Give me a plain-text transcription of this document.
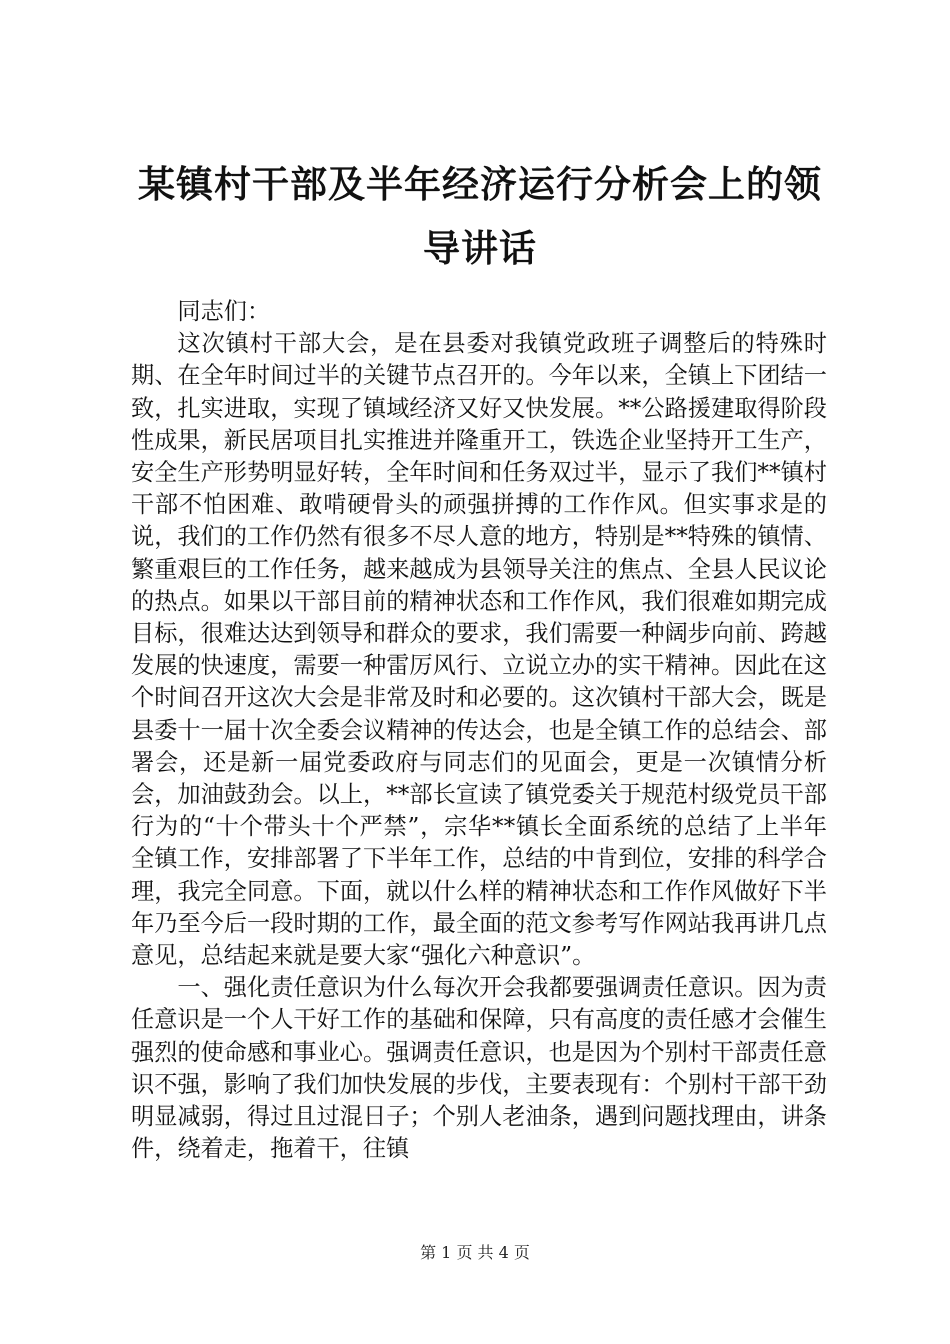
某镇村干部及半年经济运行分析会上的领导讲话

同志们：

这次镇村干部大会，是在县委对我镇党政班子调整后的特殊时期、在全年时间过半的关键节点召开的。今年以来，全镇上下团结一致，扎实进取，实现了镇域经济又好又快发展。**公路援建取得阶段性成果，新民居项目扎实推进并隆重开工，铁选企业坚持开工生产，安全生产形势明显好转，全年时间和任务双过半，显示了我们**镇村干部不怕困难、敢啃硬骨头的顽强拼搏的工作作风。但实事求是的说，我们的工作仍然有很多不尽人意的地方，特别是**特殊的镇情、繁重艰巨的工作任务，越来越成为县领导关注的焦点、全县人民议论的热点。如果以干部目前的精神状态和工作作风，我们很难如期完成目标，很难达达到领导和群众的要求，我们需要一种阔步向前、跨越发展的快速度，需要一种雷厉风行、立说立办的实干精神。因此在这个时间召开这次大会是非常及时和必要的。这次镇村干部大会，既是县委十一届十次全委会议精神的传达会，也是全镇工作的总结会、部署会，还是新一届党委政府与同志们的见面会，更是一次镇情分析会，加油鼓劲会。以上，**部长宣读了镇党委关于规范村级党员干部行为的“十个带头十个严禁”，宗华**镇长全面系统的总结了上半年全镇工作，安排部署了下半年工作，总结的中肯到位，安排的科学合理，我完全同意。下面，就以什么样的精神状态和工作作风做好下半年乃至今后一段时期的工作，最全面的范文参考写作网站我再讲几点意见，总结起来就是要大家“强化六种意识”。

一、强化责任意识为什么每次开会我都要强调责任意识。因为责任意识是一个人干好工作的基础和保障，只有高度的责任感才会催生强烈的使命感和事业心。强调责任意识，也是因为个别村干部责任意识不强，影响了我们加快发展的步伐，主要表现有：个别村干部干劲明显减弱，得过且过混日子；个别人老油条，遇到问题找理由，讲条件，绕着走，拖着干，往镇

第 1 页 共 4 页
